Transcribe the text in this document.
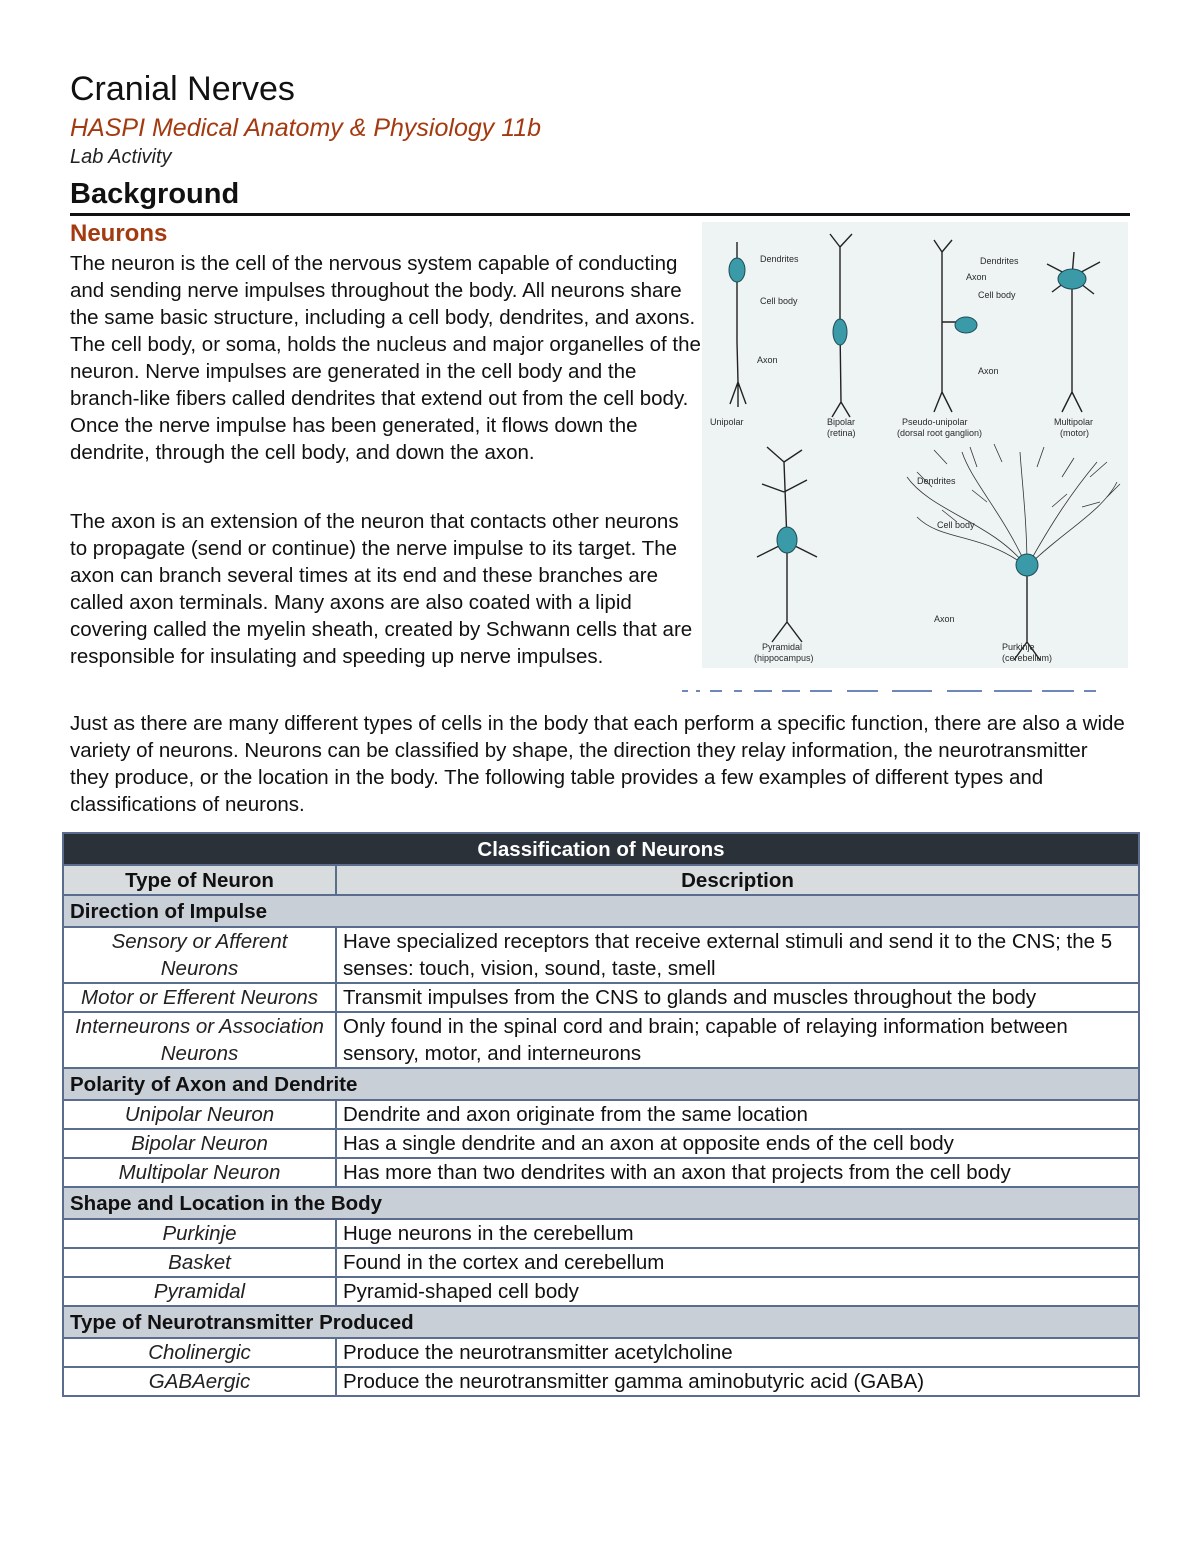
Cranial Nerves
HASPI Medical Anatomy & Physiology 11b
Lab Activity
Background
Neurons
The neuron is the cell of the nervous system capable of conducting and sending nerve impulses throughout the body. All neurons share the same basic structure, including a cell body, dendrites, and axons. The cell body, or soma, holds the nucleus and major organelles of the neuron. Nerve impulses are generated in the cell body and the branch-like fibers called dendrites that extend out from the cell body. Once the nerve impulse has been generated, it flows down the dendrite, through the cell body, and down the axon.
The axon is an extension of the neuron that contacts other neurons to propagate (send or continue) the nerve impulse to its target. The axon can branch several times at its end and these branches are called axon terminals. Many axons are also coated with a lipid covering called the myelin sheath, created by Schwann cells that are responsible for insulating and speeding up nerve impulses.
Dendrites
Cell body
Axon
Dendrites
Axon
Cell body
Axon
Dendrites
Cell body
Axon
Unipolar	Bipolar
(retina)
Pseudo-unipolar
(dorsal root ganglion)
Multipolar
(motor)
Pyramidal
(hippocampus)
Purkinje
(cerebellum)
Just as there are many different types of cells in the body that each perform a specific function, there are also a wide variety of neurons. Neurons can be classified by shape, the direction they relay information, the neurotransmitter they produce, or the location in the body. The following table provides a few examples of different types and classifications of neurons.
Classification of Neurons	
Type of Neuron	Description
Direction of Impulse	
Sensory or Afferent Neurons	Have specialized receptors that receive external stimuli and send it to the CNS; the 5 senses: touch, vision, sound, taste, smell
Motor or Efferent Neurons	Transmit impulses from the CNS to glands and muscles throughout the body
Interneurons or Association Neurons	Only found in the spinal cord and brain; capable of relaying information between sensory, motor, and interneurons
Polarity of Axon and Dendrite	
Unipolar Neuron	Dendrite and axon originate from the same location
Bipolar Neuron	Has a single dendrite and an axon at opposite ends of the cell body
Multipolar Neuron	Has more than two dendrites with an axon that projects from the cell body
Shape and Location in the Body	
Purkinje	Huge neurons in the cerebellum
Basket	Found in the cortex and cerebellum
Pyramidal	Pyramid-shaped cell body
Type of Neurotransmitter Produced	
Cholinergic	Produce the neurotransmitter acetylcholine
GABAergic	Produce the neurotransmitter gamma aminobutyric acid (GABA)
